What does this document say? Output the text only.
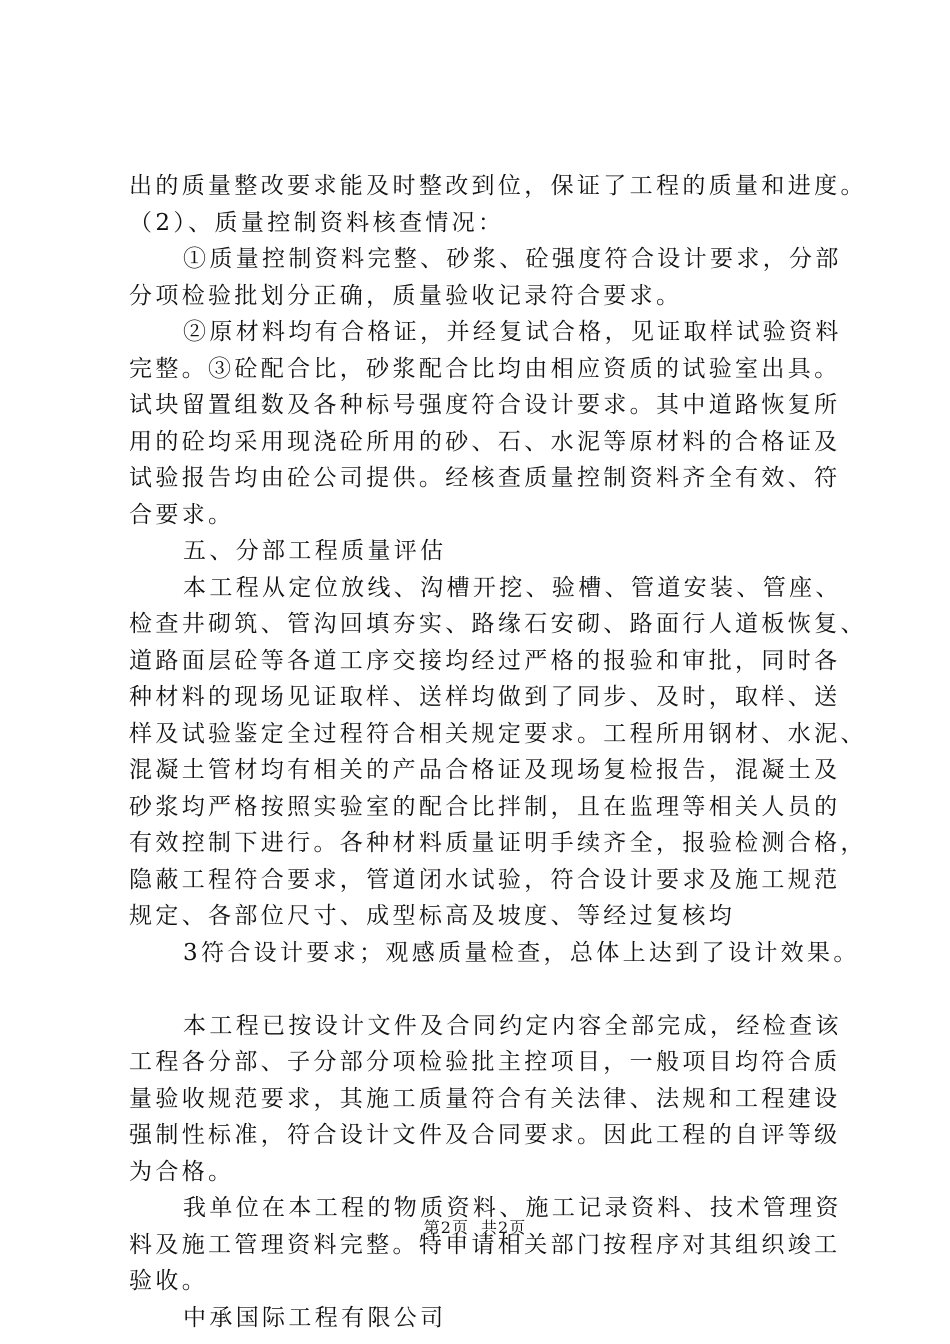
出的质量整改要求能及时整改到位，保证了工程的质量和进度。
（2）、质量控制资料核查情况：
①质量控制资料完整、砂浆、砼强度符合设计要求，分部
分项检验批划分正确，质量验收记录符合要求。
②原材料均有合格证，并经复试合格，见证取样试验资料
完整。③砼配合比，砂浆配合比均由相应资质的试验室出具。
试块留置组数及各种标号强度符合设计要求。其中道路恢复所
用的砼均采用现浇砼所用的砂、石、水泥等原材料的合格证及
试验报告均由砼公司提供。经核查质量控制资料齐全有效、符
合要求。
五、分部工程质量评估
本工程从定位放线、沟槽开挖、验槽、管道安装、管座、
检查井砌筑、管沟回填夯实、路缘石安砌、路面行人道板恢复、
道路面层砼等各道工序交接均经过严格的报验和审批，同时各
种材料的现场见证取样、送样均做到了同步、及时，取样、送
样及试验鉴定全过程符合相关规定要求。工程所用钢材、水泥、
混凝土管材均有相关的产品合格证及现场复检报告，混凝土及
砂浆均严格按照实验室的配合比拌制，且在监理等相关人员的
有效控制下进行。各种材料质量证明手续齐全，报验检测合格，
隐蔽工程符合要求，管道闭水试验，符合设计要求及施工规范
规定、各部位尺寸、成型标高及坡度、等经过复核均
3符合设计要求；观感质量检查，总体上达到了设计效果。
本工程已按设计文件及合同约定内容全部完成，经检查该
工程各分部、子分部分项检验批主控项目，一般项目均符合质
量验收规范要求，其施工质量符合有关法律、法规和工程建设
强制性标准，符合设计文件及合同要求。因此工程的自评等级
为合格。
我单位在本工程的物质资料、施工记录资料、技术管理资
料及施工管理资料完整。特申请相关部门按程序对其组织竣工
验收。
中承国际工程有限公司
第2页 共2页
